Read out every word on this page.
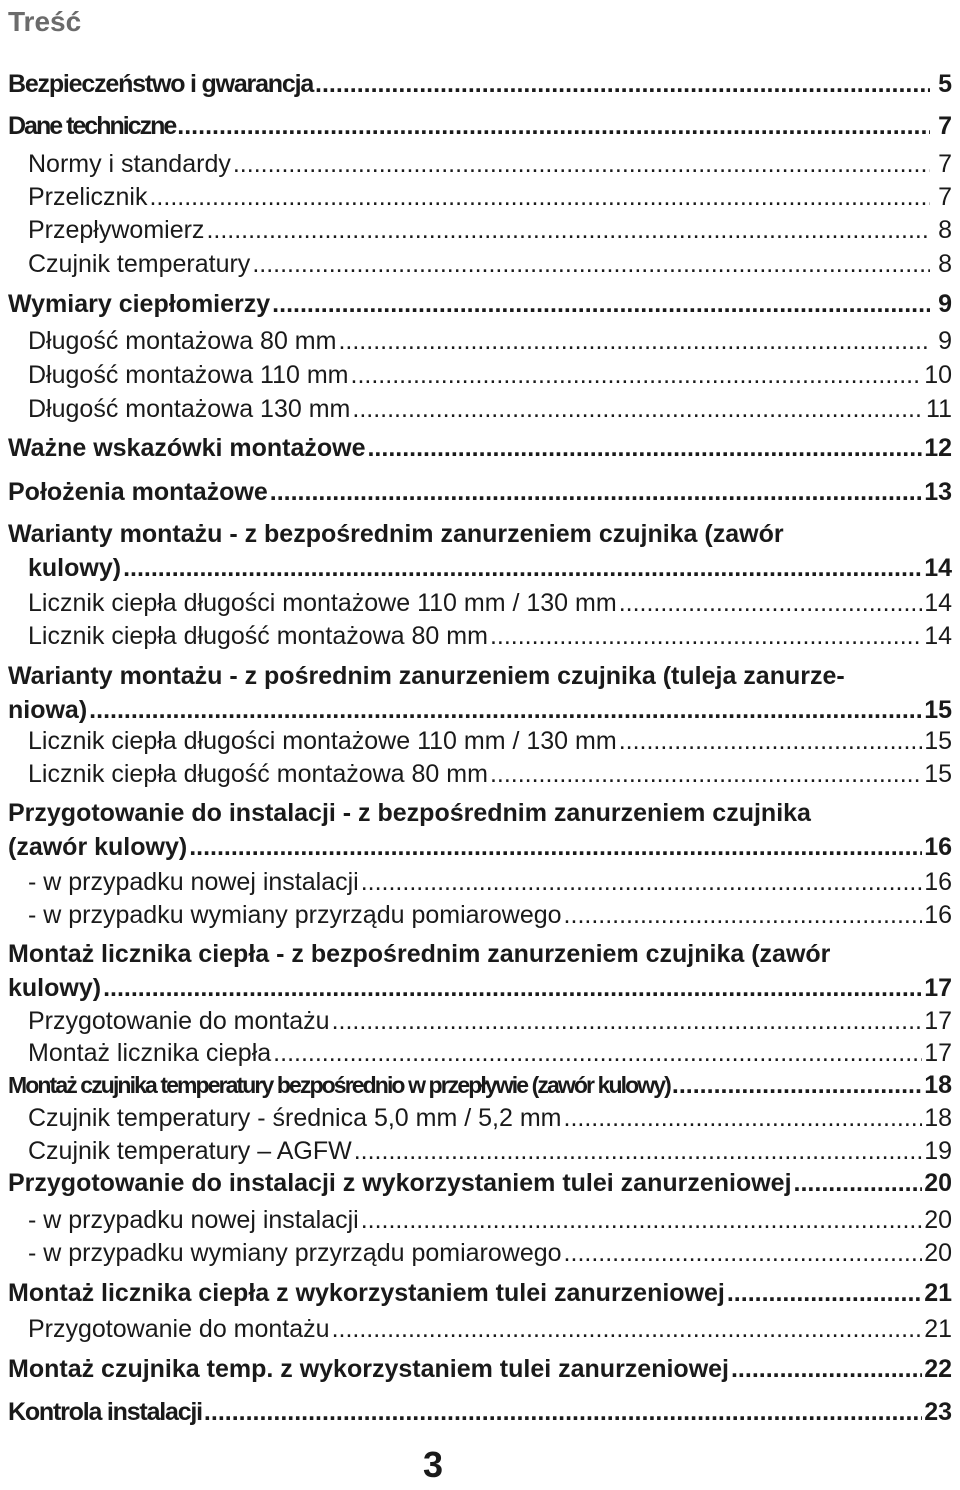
Treść
Bezpieczeństwo i gwarancja .....	5
Dane techniczne .....	7
Normy i standardy .....	7
Przelicznik .....	7
Przepływomierz .....	8
Czujnik temperatury .....	8
Wymiary ciepłomierzy .....	9
Długość montażowa 80 mm .....	9
Długość montażowa 110 mm .....	10
Długość montażowa 130 mm .....	11
Ważne wskazówki montażowe .....	12
Położenia montażowe .....	13
Warianty montażu - z bezpośrednim zanurzeniem czujnika (zawór
kulowy) .....	14
Licznik ciepła długości montażowe 110 mm / 130 mm .....	14
Licznik ciepła długość montażowa 80 mm .....	14
Warianty montażu - z pośrednim zanurzeniem czujnika (tuleja zanurze-
niowa) .....	15
Licznik ciepła długości montażowe 110 mm / 130 mm .....	15
Licznik ciepła długość montażowa 80 mm .....	15
Przygotowanie do instalacji - z bezpośrednim zanurzeniem czujnika
(zawór kulowy) .....	16
- w przypadku nowej instalacji .....	16
- w przypadku wymiany przyrządu pomiarowego .....	16
Montaż licznika ciepła - z bezpośrednim zanurzeniem czujnika (zawór
kulowy) .....	17
Przygotowanie do montażu .....	17
Montaż licznika ciepła .....	17
Montaż czujnika temperatury bezpośrednio w przepływie (zawór kulowy) .....	18
Czujnik temperatury - średnica 5,0 mm / 5,2 mm .....	18
Czujnik temperatury – AGFW .....	19
Przygotowanie do instalacji z wykorzystaniem tulei zanurzeniowej .....	20
- w przypadku nowej instalacji .....	20
- w przypadku wymiany przyrządu pomiarowego .....	20
Montaż licznika ciepła z wykorzystaniem tulei zanurzeniowej .....	21
Przygotowanie do montażu .....	21
Montaż czujnika temp. z wykorzystaniem tulei zanurzeniowej .....	22
Kontrola instalacji .....	23
3
